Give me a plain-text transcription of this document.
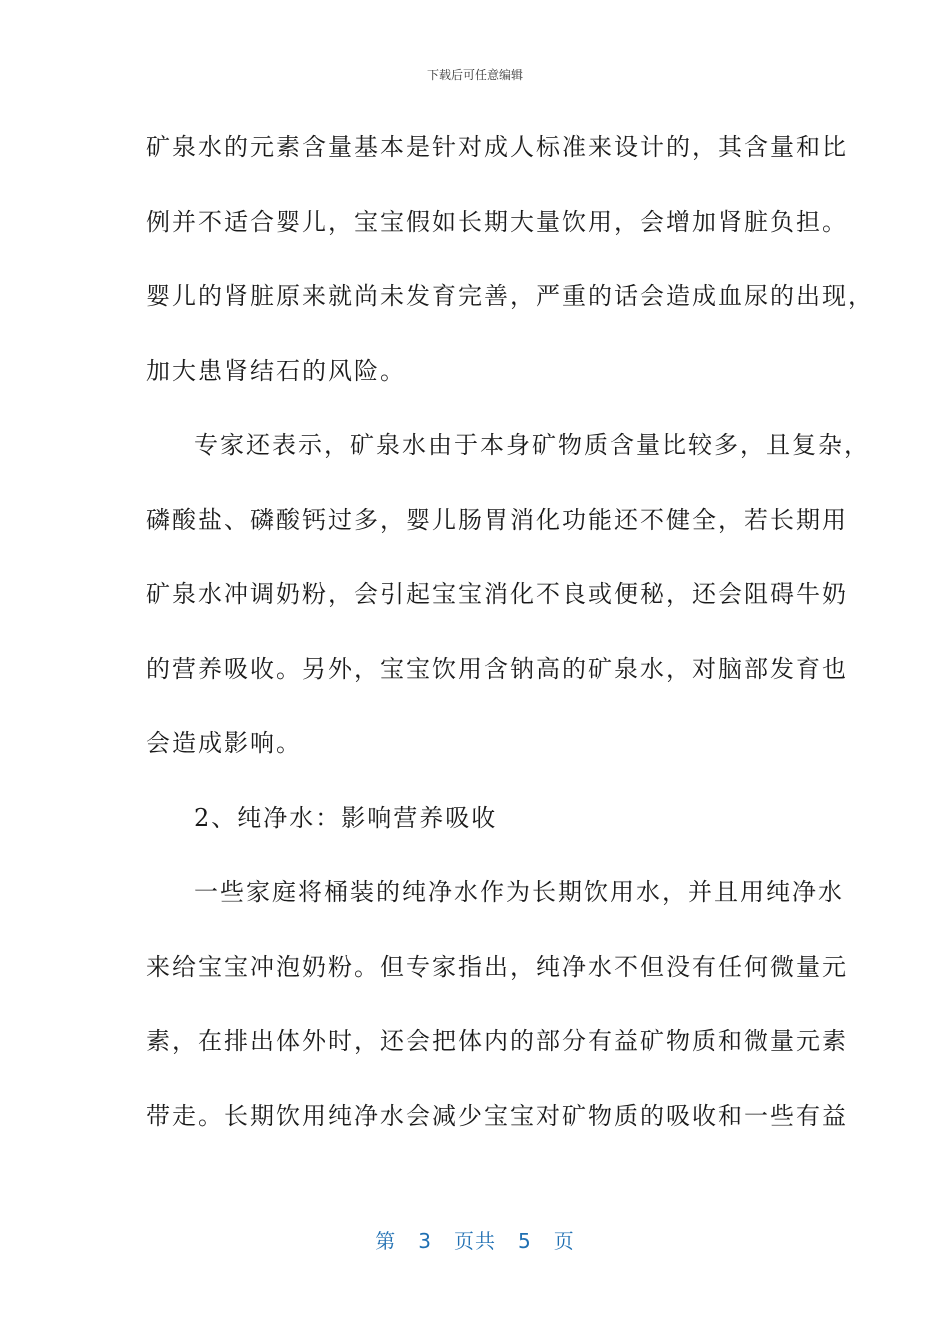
下载后可任意编辑
矿泉水的元素含量基本是针对成人标准来设计的，其含量和比
例并不适合婴儿，宝宝假如长期大量饮用，会增加肾脏负担。
婴儿的肾脏原来就尚未发育完善，严重的话会造成血尿的出现，
加大患肾结石的风险。
专家还表示，矿泉水由于本身矿物质含量比较多，且复杂，
磷酸盐、磷酸钙过多，婴儿肠胃消化功能还不健全，若长期用
矿泉水冲调奶粉，会引起宝宝消化不良或便秘，还会阻碍牛奶
的营养吸收。另外，宝宝饮用含钠高的矿泉水，对脑部发育也
会造成影响。
2、纯净水：影响营养吸收
一些家庭将桶装的纯净水作为长期饮用水，并且用纯净水
来给宝宝冲泡奶粉。但专家指出，纯净水不但没有任何微量元
素，在排出体外时，还会把体内的部分有益矿物质和微量元素
带走。长期饮用纯净水会减少宝宝对矿物质的吸收和一些有益
第 3 页共 5 页
